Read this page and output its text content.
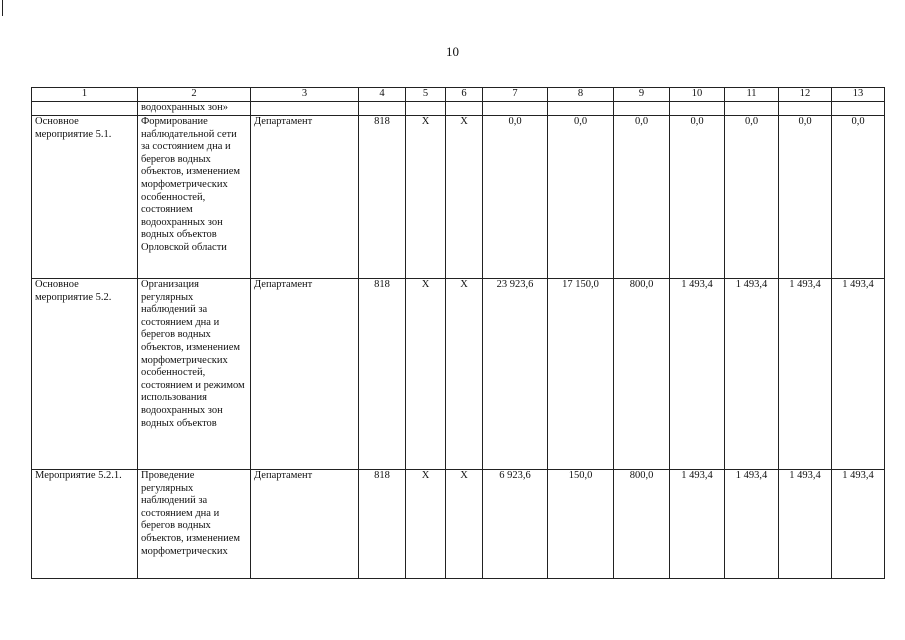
10
1	2	3	4	5	6	7	8	9	10	11	12	13
	водоохранных зон»											
Основное мероприятие 5.1.	Формирование наблюдательной сети за состоянием дна и берегов водных объектов, изменением морфометрических особенностей, состоянием водоохранных зон водных объектов Орловской области	Департамент	818	Х	Х	0,0	0,0	0,0	0,0	0,0	0,0	0,0
Основное мероприятие 5.2.	Организация регулярных наблюдений за состоянием дна и берегов водных объектов, изменением морфометрических особенностей, состоянием и режимом использования водоохранных зон водных объектов	Департамент	818	Х	Х	23 923,6	17 150,0	800,0	1 493,4	1 493,4	1 493,4	1 493,4
Мероприятие 5.2.1.	Проведение регулярных наблюдений за состоянием дна и берегов водных объектов, изменением морфометрических	Департамент	818	Х	Х	6 923,6	150,0	800,0	1 493,4	1 493,4	1 493,4	1 493,4
